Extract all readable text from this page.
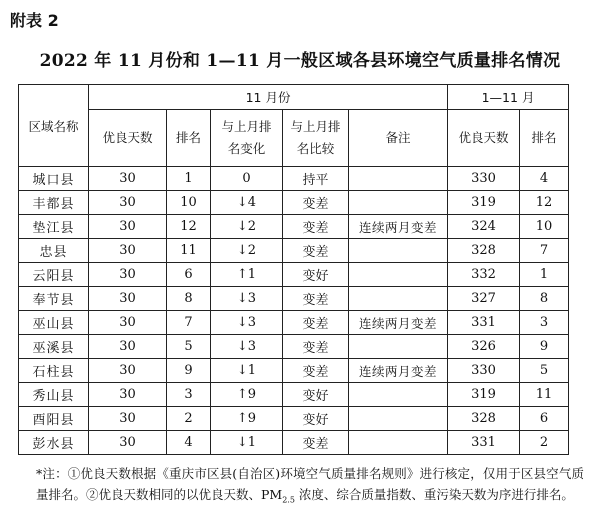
附表 2
2022 年 11 月份和 1—11 月一般区域各县环境空气质量排名情况
区域名称	11 月份					1—11 月	
	优良天数	排名	与上月排名变化	与上月排名比较	备注	优良天数	排名
城口县	30	1	0	持平		330	4
丰都县	30	10	↓4	变差		319	12
垫江县	30	12	↓2	变差	连续两月变差	324	10
忠县	30	11	↓2	变差		328	7
云阳县	30	6	↑1	变好		332	1
奉节县	30	8	↓3	变差		327	8
巫山县	30	7	↓3	变差	连续两月变差	331	3
巫溪县	30	5	↓3	变差		326	9
石柱县	30	9	↓1	变差	连续两月变差	330	5
秀山县	30	3	↑9	变好		319	11
酉阳县	30	2	↑9	变好		328	6
彭水县	30	4	↓1	变差		331	2
*注：①优良天数根据《重庆市区县(自治区)环境空气质量排名规则》进行核定，仅用于区县空气质量排名。②优良天数相同的以优良天数、$PM_{2.5}$ 浓度、综合质量指数、重污染天数为序进行排名。
